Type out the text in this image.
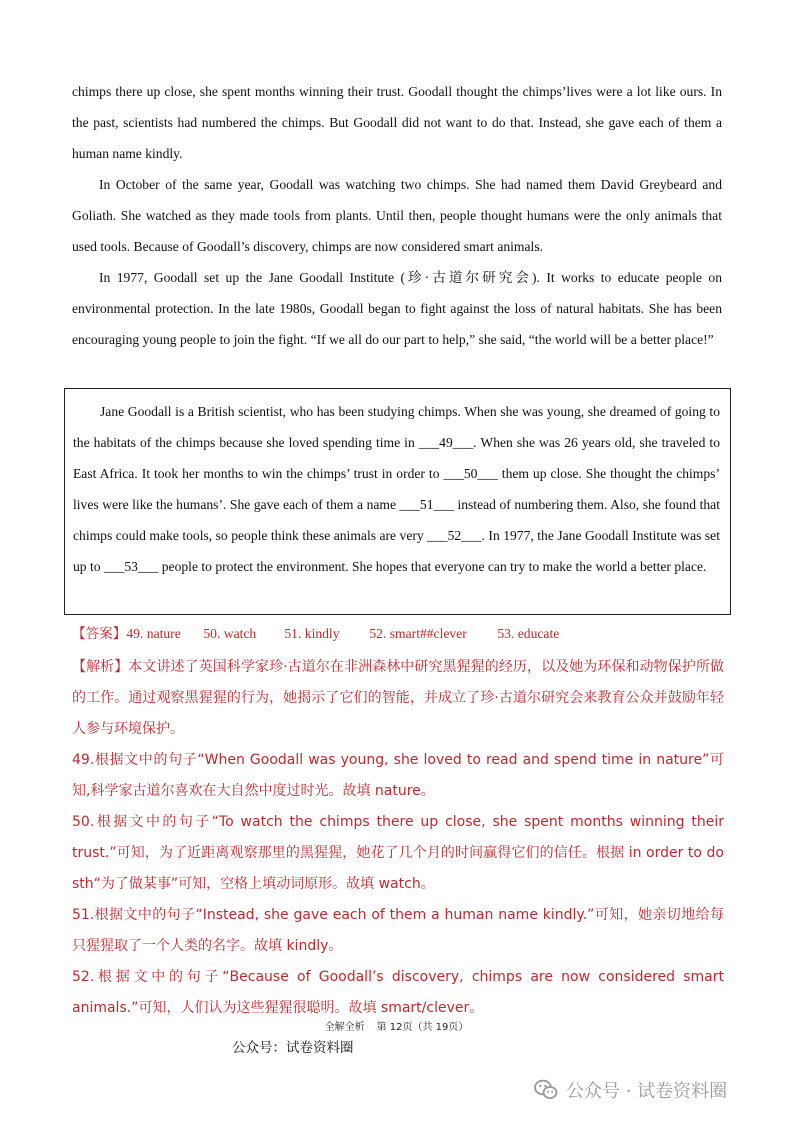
chimps there up close, she spent months winning their trust. Goodall thought the chimps’lives were a lot like ours. In the past, scientists had numbered the chimps. But Goodall did not want to do that. Instead, she gave each of them a human name kindly.

In October of the same year, Goodall was watching two chimps. She had named them David Greybeard and Goliath. She watched as they made tools from plants. Until then, people thought humans were the only animals that used tools. Because of Goodall’s discovery, chimps are now considered smart animals.

In 1977, Goodall set up the Jane Goodall Institute (珍·古道尔研究会). It works to educate people on environmental protection. In the late 1980s, Goodall began to fight against the loss of natural habitats. She has been encouraging young people to join the fight. “If we all do our part to help,” she said, “the world will be a better place!”

Jane Goodall is a British scientist, who has been studying chimps. When she was young, she dreamed of going to the habitats of the chimps because she loved spending time in ___49___. When she was 26 years old, she traveled to East Africa. It took her months to win the chimps’ trust in order to ___50___ them up close. She thought the chimps’ lives were like the humans’. She gave each of them a name ___51___ instead of numbering them. Also, she found that chimps could make tools, so people think these animals are very ___52___. In 1977, the Jane Goodall Institute was set up to ___53___ people to protect the environment. She hopes that everyone can try to make the world a better place.

【答案】49. nature 50. watch 51. kindly 52. smart##clever 53. educate

【解析】本文讲述了英国科学家珍·古道尔在非洲森林中研究黑猩猩的经历，以及她为环保和动物保护所做的工作。通过观察黑猩猩的行为，她揭示了它们的智能，并成立了珍·古道尔研究会来教育公众并鼓励年轻人参与环境保护。

49.根据文中的句子“When Goodall was young, she loved to read and spend time in nature”可知,科学家古道尔喜欢在大自然中度过时光。故填 nature。

50.根据文中的句子“To watch the chimps there up close, she spent months winning their trust.”可知，为了近距离观察那里的黑猩猩，她花了几个月的时间赢得它们的信任。根据 in order to do sth“为了做某事”可知，空格上填动词原形。故填 watch。

51.根据文中的句子“Instead, she gave each of them a human name kindly.”可知，她亲切地给每只猩猩取了一个人类的名字。故填 kindly。

52.根据文中的句子“Because of Goodall’s discovery, chimps are now considered smart animals.”可知，人们认为这些猩猩很聪明。故填 smart/clever。

全解全析 第 12页（共 19页）
公众号：试卷资料圈
公众号 · 试卷资料圈
